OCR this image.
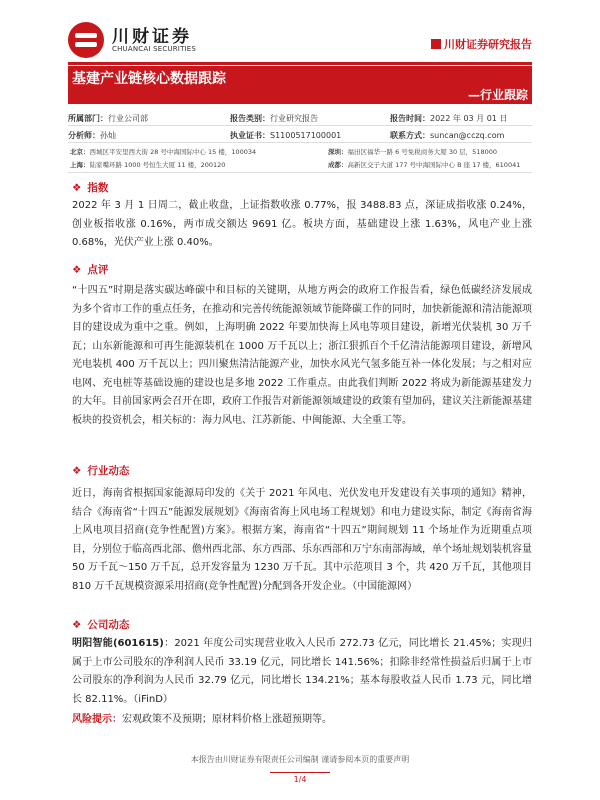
川财证券
CHUANCAI SECURITIES	川财证券研究报告
基建产业链核心数据跟踪
—行业跟踪
所属部门：行业公司部	报告类别：行业研究报告	报告时间：2022 年 03 月 01 日
分析师：孙灿	执业证书：S1100517100001	联系方式：suncan@cczq.com
北京：西城区平安里西大街 28 号中海国际中心 15 楼，100034	深圳：福田区福华一路 6 号免税商务大厦 30 层，518000
上海：陆家嘴环路 1000 号恒生大厦 11 楼，200120	成都：高新区交子大道 177 号中海国际中心 B 座 17 楼，610041
❖ 指数
2022 年 3 月 1 日周二，截止收盘，上证指数收涨 0.77%，报 3488.83 点，深证成指收涨 0.24%，创业板指收涨 0.16%，两市成交额达 9691 亿。板块方面，基础建设上涨 1.63%，风电产业上涨 0.68%，光伏产业上涨 0.40%。
❖ 点评
“十四五”时期是落实碳达峰碳中和目标的关键期，从地方两会的政府工作报告看，绿色低碳经济发展成为多个省市工作的重点任务，在推动和完善传统能源领域节能降碳工作的同时，加快新能源和清洁能源项目的建设成为重中之重。例如，上海明确 2022 年要加快海上风电等项目建设，新增光伏装机 30 万千瓦；山东新能源和可再生能源装机在 1000 万千瓦以上；浙江狠抓百个千亿清洁能源项目建设，新增风光电装机 400 万千瓦以上；四川聚焦清洁能源产业，加快水风光气氢多能互补一体化发展；与之相对应电网、充电桩等基础设施的建设也是多地 2022 工作重点。由此我们判断 2022 将成为新能源基建发力的大年。目前国家两会召开在即，政府工作报告对新能源领域建设的政策有望加码，建议关注新能源基建板块的投资机会，相关标的：海力风电、江苏新能、中闽能源、大全重工等。
❖ 行业动态
近日，海南省根据国家能源局印发的《关于 2021 年风电、光伏发电开发建设有关事项的通知》精神，结合《海南省“十四五”能源发展规划》《海南省海上风电场工程规划》和电力建设实际，制定《海南省海上风电项目招商(竞争性配置)方案》。根据方案，海南省“十四五”期间规划 11 个场址作为近期重点项目，分别位于临高西北部、儋州西北部、东方西部、乐东西部和万宁东南部海域，单个场址规划装机容量 50 万千瓦～150 万千瓦，总开发容量为 1230 万千瓦。其中示范项目 3 个，共 420 万千瓦，其他项目 810 万千瓦规模资源采用招商(竞争性配置)分配到各开发企业。（中国能源网）
❖ 公司动态
明阳智能(601615)：2021 年度公司实现营业收入人民币 272.73 亿元，同比增长 21.45%；实现归属于上市公司股东的净利润人民币 33.19 亿元，同比增长 141.56%；扣除非经常性损益后归属于上市公司股东的净利润为人民币 32.79 亿元，同比增长 134.21%；基本每股收益人民币 1.73 元，同比增长 82.11%。（iFinD）
风险提示：宏观政策不及预期；原材料价格上涨超预期等。
本报告由川财证券有限责任公司编制 谨请参阅本页的重要声明
1/4
